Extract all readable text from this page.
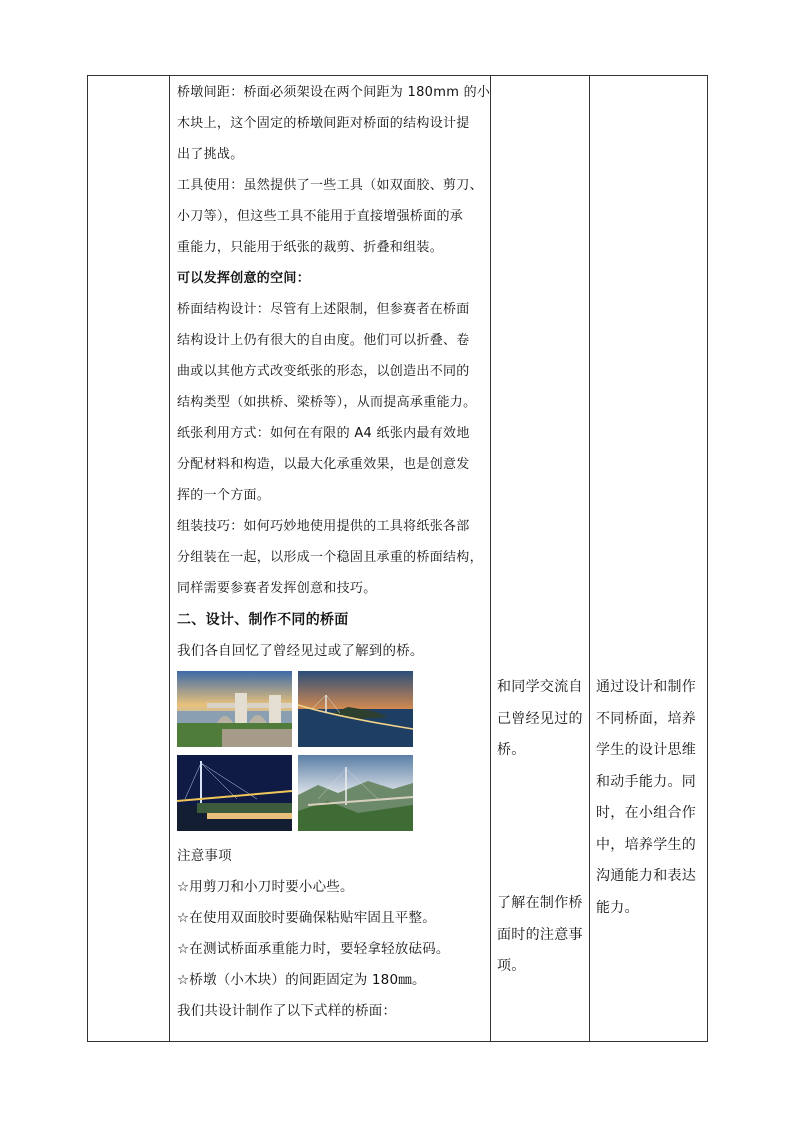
桥墩间距：桥面必须架设在两个间距为 180mm 的小

木块上，这个固定的桥墩间距对桥面的结构设计提

出了挑战。

工具使用：虽然提供了一些工具（如双面胶、剪刀、

小刀等），但这些工具不能用于直接增强桥面的承

重能力，只能用于纸张的裁剪、折叠和组装。

可以发挥创意的空间：

桥面结构设计：尽管有上述限制，但参赛者在桥面

结构设计上仍有很大的自由度。他们可以折叠、卷

曲或以其他方式改变纸张的形态，以创造出不同的

结构类型（如拱桥、梁桥等），从而提高承重能力。

纸张利用方式：如何在有限的 A4 纸张内最有效地

分配材料和构造，以最大化承重效果，也是创意发

挥的一个方面。

组装技巧：如何巧妙地使用提供的工具将纸张各部

分组装在一起，以形成一个稳固且承重的桥面结构，

同样需要参赛者发挥创意和技巧。

二、设计、制作不同的桥面

我们各自回忆了曾经见过或了解到的桥。

注意事项

☆用剪刀和小刀时要小心些。

☆在使用双面胶时要确保粘贴牢固且平整。

☆在测试桥面承重能力时，要轻拿轻放砝码。

☆桥墩（小木块）的间距固定为 180㎜。

我们共设计制作了以下式样的桥面：

和同学交流自
己曾经见过的
桥。
了解在制作桥
面时的注意事
项。
通过设计和制作
不同桥面，培养
学生的设计思维
和动手能力。同
时，在小组合作
中，培养学生的
沟通能力和表达
能力。
